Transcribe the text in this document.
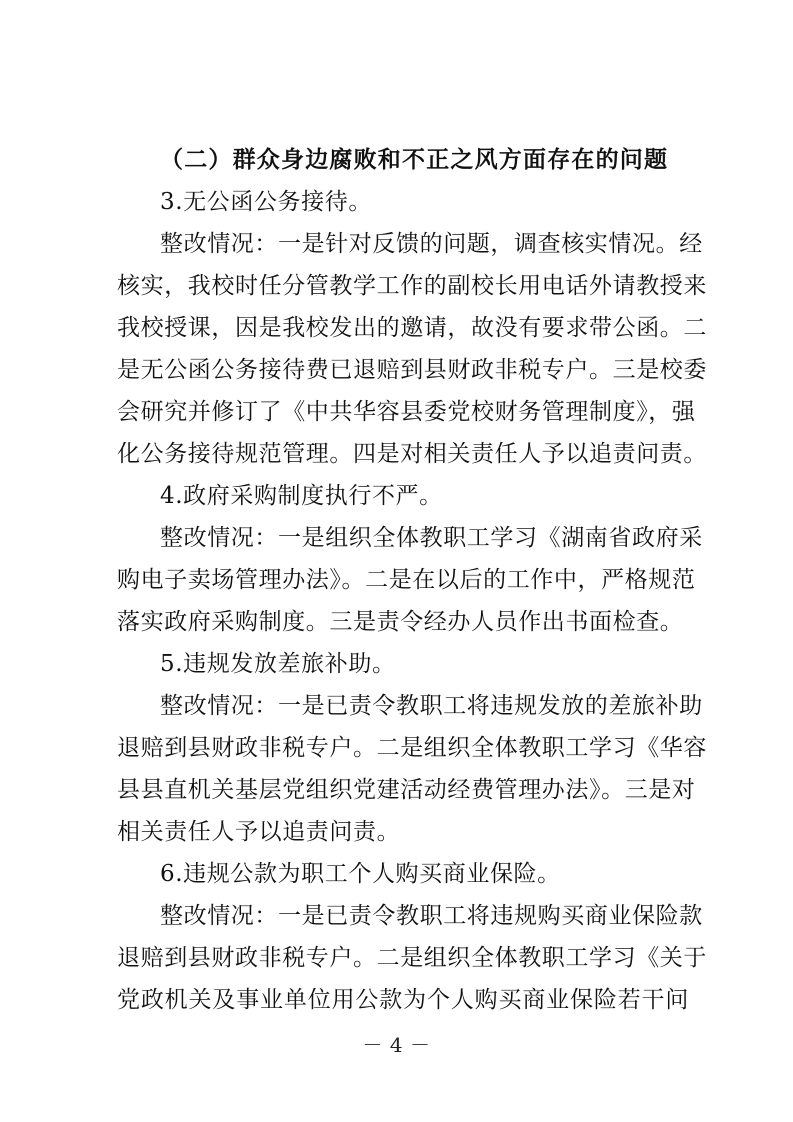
（二）群众身边腐败和不正之风方面存在的问题
3.无公函公务接待。
整改情况：一是针对反馈的问题，调查核实情况。经
核实，我校时任分管教学工作的副校长用电话外请教授来
我校授课，因是我校发出的邀请，故没有要求带公函。二
是无公函公务接待费已退赔到县财政非税专户。三是校委
会研究并修订了《中共华容县委党校财务管理制度》，强
化公务接待规范管理。四是对相关责任人予以追责问责。
4.政府采购制度执行不严。
整改情况：一是组织全体教职工学习《湖南省政府采
购电子卖场管理办法》。二是在以后的工作中，严格规范
落实政府采购制度。三是责令经办人员作出书面检查。
5.违规发放差旅补助。
整改情况：一是已责令教职工将违规发放的差旅补助
退赔到县财政非税专户。二是组织全体教职工学习《华容
县县直机关基层党组织党建活动经费管理办法》。三是对
相关责任人予以追责问责。
6.违规公款为职工个人购买商业保险。
整改情况：一是已责令教职工将违规购买商业保险款
退赔到县财政非税专户。二是组织全体教职工学习《关于
党政机关及事业单位用公款为个人购买商业保险若干问
－ 4 －
